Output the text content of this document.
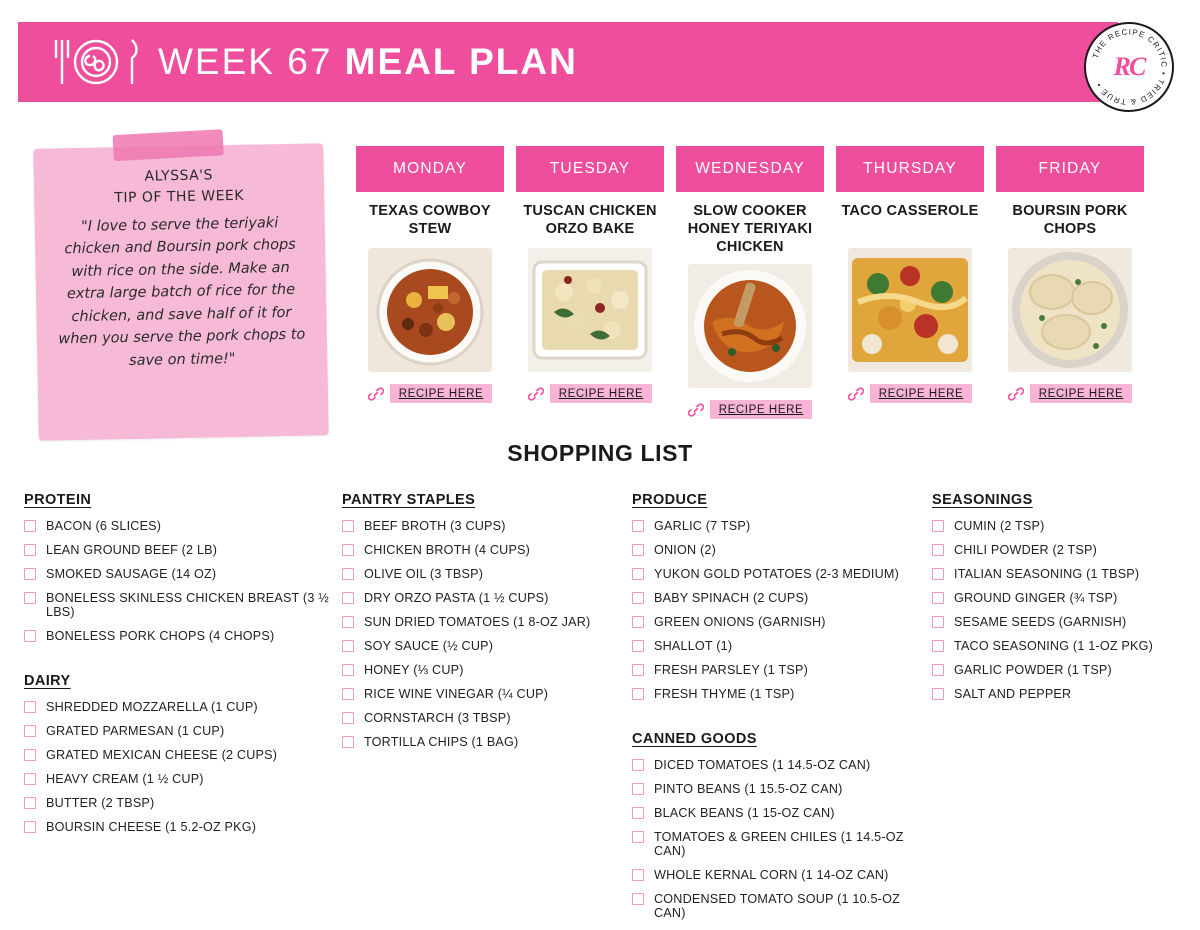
WEEK 67 MEAL PLAN	THE RECIPE CRITIC • TRIED & TRUE •
RC
ALYSSA'S
TIP OF THE WEEK
"I love to serve the teriyaki chicken and Boursin pork chops with rice on the side. Make an extra large batch of rice for the chicken, and save half of it for when you serve the pork chops to save on time!"
MONDAY
TEXAS COWBOY STEW
RECIPE HERE
TUESDAY
TUSCAN CHICKEN ORZO BAKE
RECIPE HERE
WEDNESDAY
SLOW COOKER HONEY TERIYAKI CHICKEN
RECIPE HERE
THURSDAY
TACO CASSEROLE
RECIPE HERE
FRIDAY
BOURSIN PORK CHOPS
RECIPE HERE
SHOPPING LIST
PROTEIN
BACON (6 SLICES)
LEAN GROUND BEEF (2 LB)
SMOKED SAUSAGE (14 OZ)
BONELESS SKINLESS CHICKEN BREAST (3 ½ LBS)
BONELESS PORK CHOPS (4 CHOPS)
DAIRY
SHREDDED MOZZARELLA (1 CUP)
GRATED PARMESAN (1 CUP)
GRATED MEXICAN CHEESE (2 CUPS)
HEAVY CREAM (1 ½ CUP)
BUTTER (2 TBSP)
BOURSIN CHEESE (1 5.2-OZ PKG)
PANTRY STAPLES
BEEF BROTH (3 CUPS)
CHICKEN BROTH (4 CUPS)
OLIVE OIL (3 TBSP)
DRY ORZO PASTA (1 ½ CUPS)
SUN DRIED TOMATOES (1 8-OZ JAR)
SOY SAUCE (½ CUP)
HONEY (⅓ CUP)
RICE WINE VINEGAR (¼ CUP)
CORNSTARCH (3 TBSP)
TORTILLA CHIPS (1 BAG)
PRODUCE
GARLIC (7 TSP)
ONION (2)
YUKON GOLD POTATOES (2-3 MEDIUM)
BABY SPINACH (2 CUPS)
GREEN ONIONS (GARNISH)
SHALLOT (1)
FRESH PARSLEY (1 TSP)
FRESH THYME (1 TSP)
CANNED GOODS
DICED TOMATOES (1 14.5-OZ CAN)
PINTO BEANS (1 15.5-OZ CAN)
BLACK BEANS (1 15-OZ CAN)
TOMATOES & GREEN CHILES (1 14.5-OZ CAN)
WHOLE KERNAL CORN (1 14-OZ CAN)
CONDENSED TOMATO SOUP (1 10.5-OZ CAN)
SEASONINGS
CUMIN (2 TSP)
CHILI POWDER (2 TSP)
ITALIAN SEASONING (1 TBSP)
GROUND GINGER (¾ TSP)
SESAME SEEDS (GARNISH)
TACO SEASONING (1 1-OZ PKG)
GARLIC POWDER (1 TSP)
SALT AND PEPPER
